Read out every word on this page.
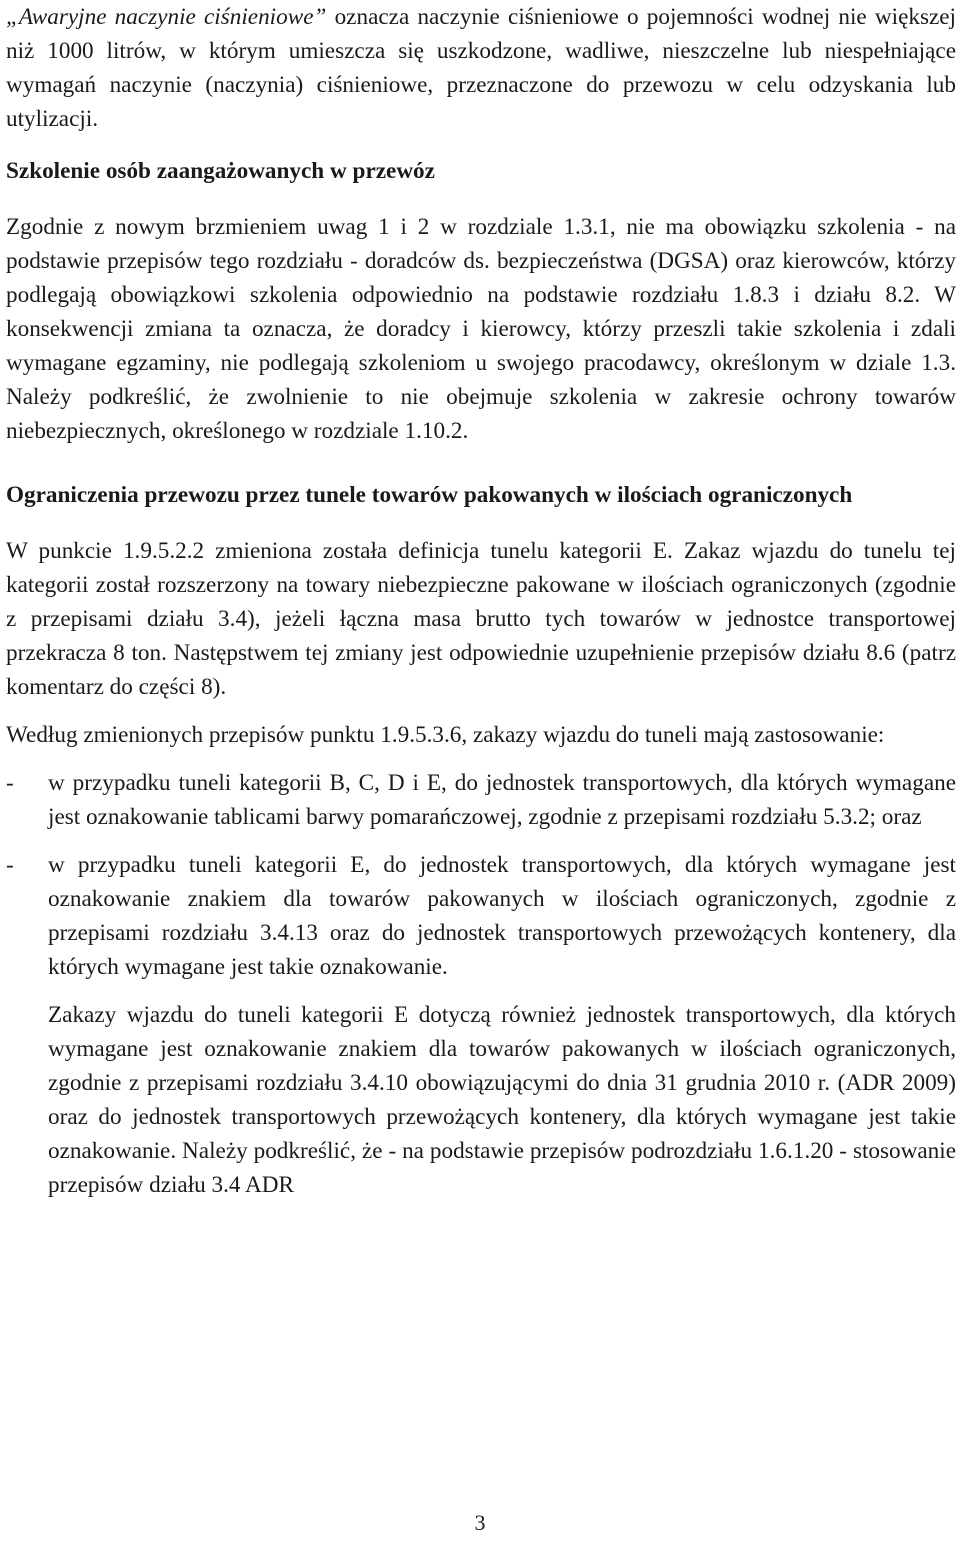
„Awaryjne naczynie ciśnieniowe” oznacza naczynie ciśnieniowe o pojemności wodnej nie większej niż 1000 litrów, w którym umieszcza się uszkodzone, wadliwe, nieszczelne lub niespełniające wymagań naczynie (naczynia) ciśnieniowe, przeznaczone do przewozu w celu odzyskania lub utylizacji.

Szkolenie osób zaangażowanych w przewóz

Zgodnie z nowym brzmieniem uwag 1 i 2 w rozdziale 1.3.1, nie ma obowiązku szkolenia - na podstawie przepisów tego rozdziału - doradców ds. bezpieczeństwa (DGSA) oraz kierowców, którzy podlegają obowiązkowi szkolenia odpowiednio na podstawie rozdziału 1.8.3 i działu 8.2. W konsekwencji zmiana ta oznacza, że doradcy i kierowcy, którzy przeszli takie szkolenia i zdali wymagane egzaminy, nie podlegają szkoleniom u swojego pracodawcy, określonym w dziale 1.3. Należy podkreślić, że zwolnienie to nie obejmuje szkolenia w zakresie ochrony towarów niebezpiecznych, określonego w rozdziale 1.10.2.

Ograniczenia przewozu przez tunele towarów pakowanych w ilościach ograniczonych

W punkcie 1.9.5.2.2 zmieniona została definicja tunelu kategorii E. Zakaz wjazdu do tunelu tej kategorii został rozszerzony na towary niebezpieczne pakowane w ilościach ograniczonych (zgodnie z przepisami działu 3.4), jeżeli łączna masa brutto tych towarów w jednostce transportowej przekracza 8 ton. Następstwem tej zmiany jest odpowiednie uzupełnienie przepisów działu 8.6 (patrz komentarz do części 8).

Według zmienionych przepisów punktu 1.9.5.3.6, zakazy wjazdu do tuneli mają zastosowanie:

-	w przypadku tuneli kategorii B, C, D i E, do jednostek transportowych, dla których wymagane jest oznakowanie tablicami barwy pomarańczowej, zgodnie z przepisami rozdziału 5.3.2; oraz

-	w przypadku tuneli kategorii E, do jednostek transportowych, dla których wymagane jest oznakowanie znakiem dla towarów pakowanych w ilościach ograniczonych, zgodnie z przepisami rozdziału 3.4.13 oraz do jednostek transportowych przewożących kontenery, dla których wymagane jest takie oznakowanie.

Zakazy wjazdu do tuneli kategorii E dotyczą również jednostek transportowych, dla których wymagane jest oznakowanie znakiem dla towarów pakowanych w ilościach ograniczonych, zgodnie z przepisami rozdziału 3.4.10 obowiązującymi do dnia 31 grudnia 2010 r. (ADR 2009) oraz do jednostek transportowych przewożących kontenery, dla których wymagane jest takie oznakowanie. Należy podkreślić, że - na podstawie przepisów podrozdziału 1.6.1.20 - stosowanie przepisów działu 3.4 ADR

3
